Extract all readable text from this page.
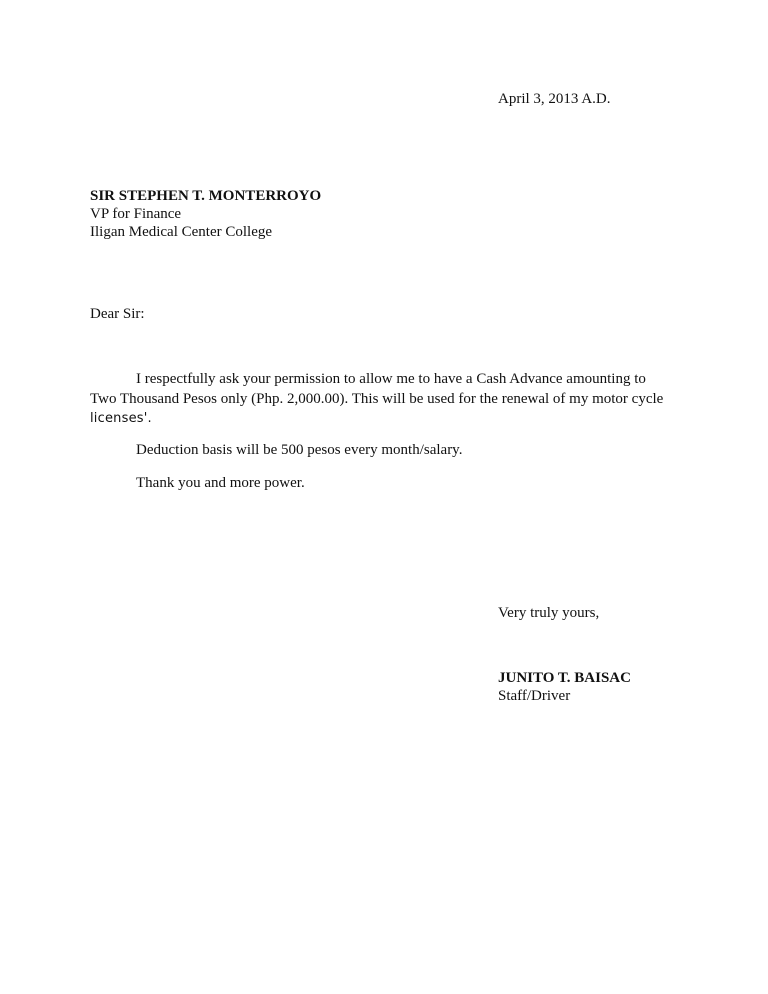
April 3, 2013 A.D.
SIR STEPHEN T. MONTERROYO
VP for Finance
Iligan Medical Center College
Dear Sir:
I respectfully ask your permission to allow me to have a Cash Advance amounting to
Two Thousand Pesos only (Php. 2,000.00). This will be used for the renewal of my motor cycle
licenses'.
Deduction basis will be 500 pesos every month/salary.
Thank you and more power.
Very truly yours,
JUNITO T. BAISAC
Staff/Driver
